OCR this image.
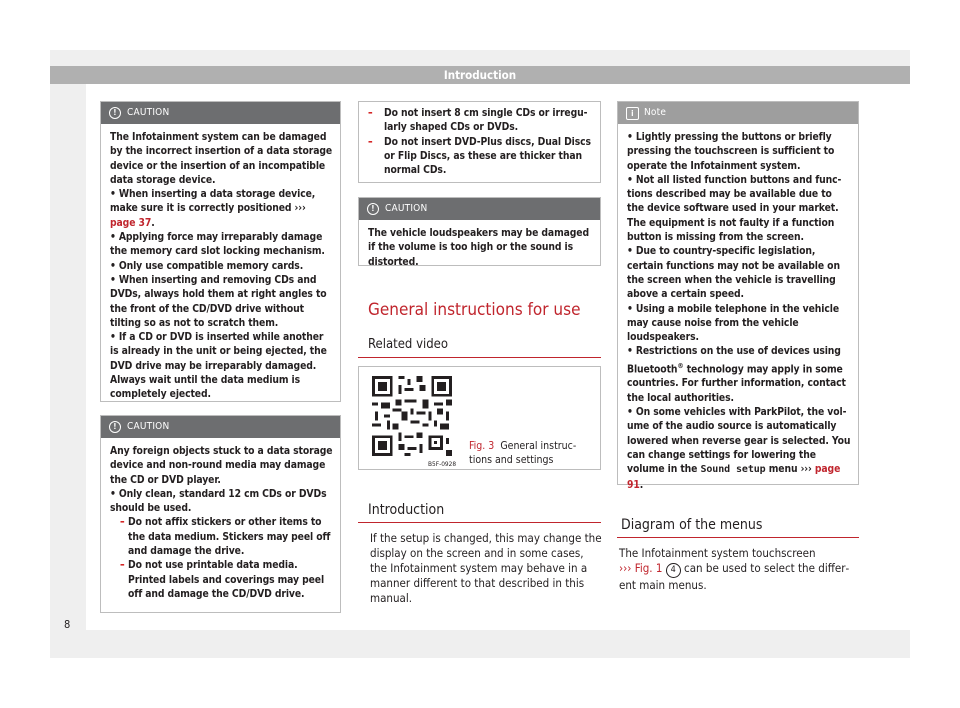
Introduction
!	CAUTION

The Infotainment system can be damaged by the incorrect insertion of a data storage device or the insertion of an incompatible data storage device.

• When inserting a data storage device, make sure it is correctly positioned ››› page 37.

• Applying force may irreparably damage the memory card slot locking mechanism.

• Only use compatible memory cards.

• When inserting and removing CDs and DVDs, always hold them at right angles to the front of the CD/DVD drive without tilting so as not to scratch them.

• If a CD or DVD is inserted while another is already in the unit or being ejected, the DVD drive may be irreparably damaged. Always wait until the data medium is completely ejected.

!	CAUTION

Any foreign objects stuck to a data storage device and non-round media may damage the CD or DVD player.

• Only clean, standard 12 cm CDs or DVDs should be used.

– Do not affix stickers or other items to the data medium. Stickers may peel off and damage the drive.

– Do not use printable data media. Printed labels and coverings may peel off and damage the CD/DVD drive.

– Do not insert 8 cm single CDs or irregularly shaped CDs or DVDs.

– Do not insert DVD-Plus discs, Dual Discs or Flip Discs, as these are thicker than normal CDs.

!	CAUTION

The vehicle loudspeakers may be damaged if the volume is too high or the sound is distorted.

General instructions for use
Related video
B5F-0928
Fig. 3 General instructions and settings
Introduction
If the setup is changed, this may change the display on the screen and in some cases, the Infotainment system may behave in a manner different to that described in this manual.
i	Note

• Lightly pressing the buttons or briefly pressing the touchscreen is sufficient to operate the Infotainment system.

• Not all listed function buttons and functions described may be available due to the device software used in your market. The equipment is not faulty if a function button is missing from the screen.

• Due to country-specific legislation, certain functions may not be available on the screen when the vehicle is travelling above a certain speed.

• Using a mobile telephone in the vehicle may cause noise from the vehicle loudspeakers.

• Restrictions on the use of devices using Bluetooth® technology may apply in some countries. For further information, contact the local authorities.

• On some vehicles with ParkPilot, the volume of the audio source is automatically lowered when reverse gear is selected. You can change settings for lowering the volume in the Sound setup menu ››› page 91.

Diagram of the menus
The Infotainment system touchscreen
››› Fig. 1 4 can be used to select the different main menus.
8
